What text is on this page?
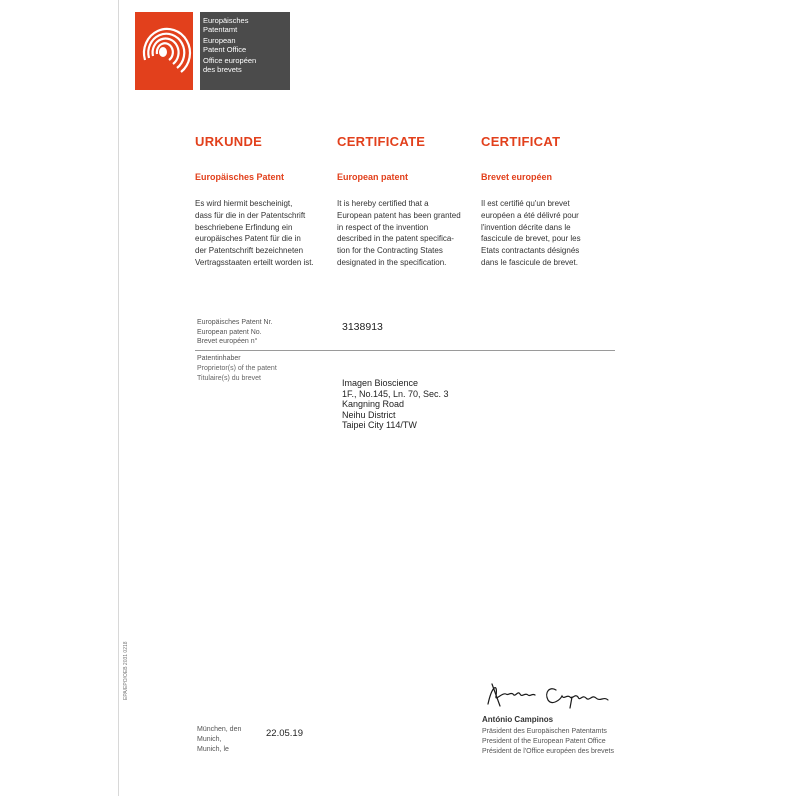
Europäisches
Patentamt
European
Patent Office
Office européen
des brevets
URKUNDE
Europäisches Patent
Es wird hiermit bescheinigt,
dass für die in der Patentschrift
beschriebene Erfindung ein
europäisches Patent für die in
der Patentschrift bezeichneten
Vertragsstaaten erteilt worden ist.
CERTIFICATE
European patent
It is hereby certified that a
European patent has been granted
in respect of the invention
described in the patent specifica-
tion for the Contracting States
designated in the specification.
CERTIFICAT
Brevet européen
Il est certifié qu'un brevet
européen a été délivré pour
l'invention décrite dans le
fascicule de brevet, pour les
Etats contractants désignés
dans le fascicule de brevet.
Europäisches Patent Nr.
European patent No.
Brevet européen n°
3138913
Patentinhaber
Proprietor(s) of the patent
Titulaire(s) du brevet	Imagen Bioscience
1F., No.145, Ln. 70, Sec. 3
Kangning Road
Neihu District
Taipei City 114/TW
António Campinos
Präsident des Europäischen Patentamts
President of the European Patent Office
Président de l'Office européen des brevets
München, den
Munich,
Munich, le
22.05.19
EPA/EPO/OEB 2031 0218
